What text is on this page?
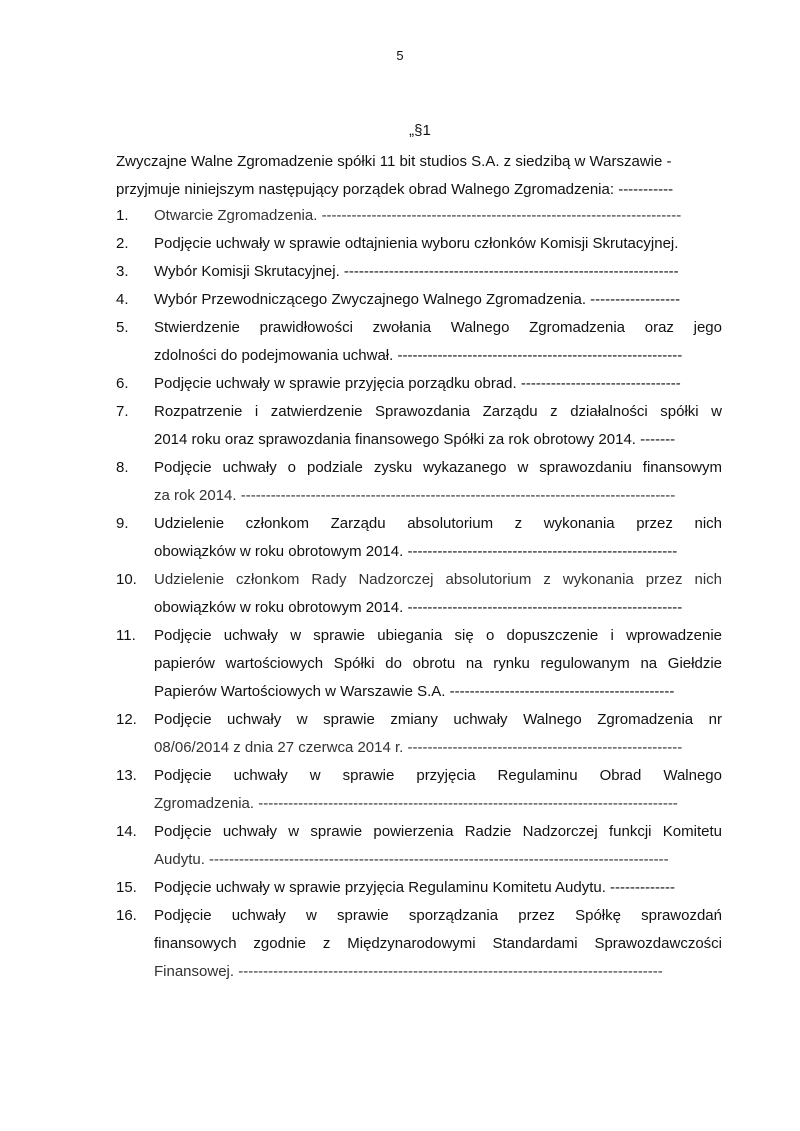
5
„§1
Zwyczajne Walne Zgromadzenie spółki 11 bit studios S.A. z siedzibą w Warszawie -
przyjmuje niniejszym następujący porządek obrad Walnego Zgromadzenia: -----------
1. Otwarcie Zgromadzenia. ------------------------------------------------------------------------
2. Podjęcie uchwały w sprawie odtajnienia wyboru członków Komisji Skrutacyjnej.
3. Wybór Komisji Skrutacyjnej. -------------------------------------------------------------------
4. Wybór Przewodniczącego Zwyczajnego Walnego Zgromadzenia. ------------------
5. Stwierdzenie prawidłowości zwołania Walnego Zgromadzenia oraz jego
zdolności do podejmowania uchwał. ---------------------------------------------------------
6. Podjęcie uchwały w sprawie przyjęcia porządku obrad. --------------------------------
7. Rozpatrzenie i zatwierdzenie Sprawozdania Zarządu z działalności spółki w
2014 roku oraz sprawozdania finansowego Spółki za rok obrotowy 2014. -------
8. Podjęcie uchwały o podziale zysku wykazanego w sprawozdaniu finansowym
za rok 2014. ---------------------------------------------------------------------------------------
9. Udzielenie członkom Zarządu absolutorium z wykonania przez nich
obowiązków w roku obrotowym 2014. ------------------------------------------------------
10. Udzielenie członkom Rady Nadzorczej absolutorium z wykonania przez nich
obowiązków w roku obrotowym 2014. -------------------------------------------------------
11. Podjęcie uchwały w sprawie ubiegania się o dopuszczenie i wprowadzenie
papierów wartościowych Spółki do obrotu na rynku regulowanym na Giełdzie
Papierów Wartościowych w Warszawie S.A. ---------------------------------------------
12. Podjęcie uchwały w sprawie zmiany uchwały Walnego Zgromadzenia nr
08/06/2014 z dnia 27 czerwca 2014 r. -------------------------------------------------------
13. Podjęcie uchwały w sprawie przyjęcia Regulaminu Obrad Walnego
Zgromadzenia. ------------------------------------------------------------------------------------
14. Podjęcie uchwały w sprawie powierzenia Radzie Nadzorczej funkcji Komitetu
Audytu. --------------------------------------------------------------------------------------------
15. Podjęcie uchwały w sprawie przyjęcia Regulaminu Komitetu Audytu. -------------
16. Podjęcie uchwały w sprawie sporządzania przez Spółkę sprawozdań
finansowych zgodnie z Międzynarodowymi Standardami Sprawozdawczości
Finansowej. -------------------------------------------------------------------------------------
